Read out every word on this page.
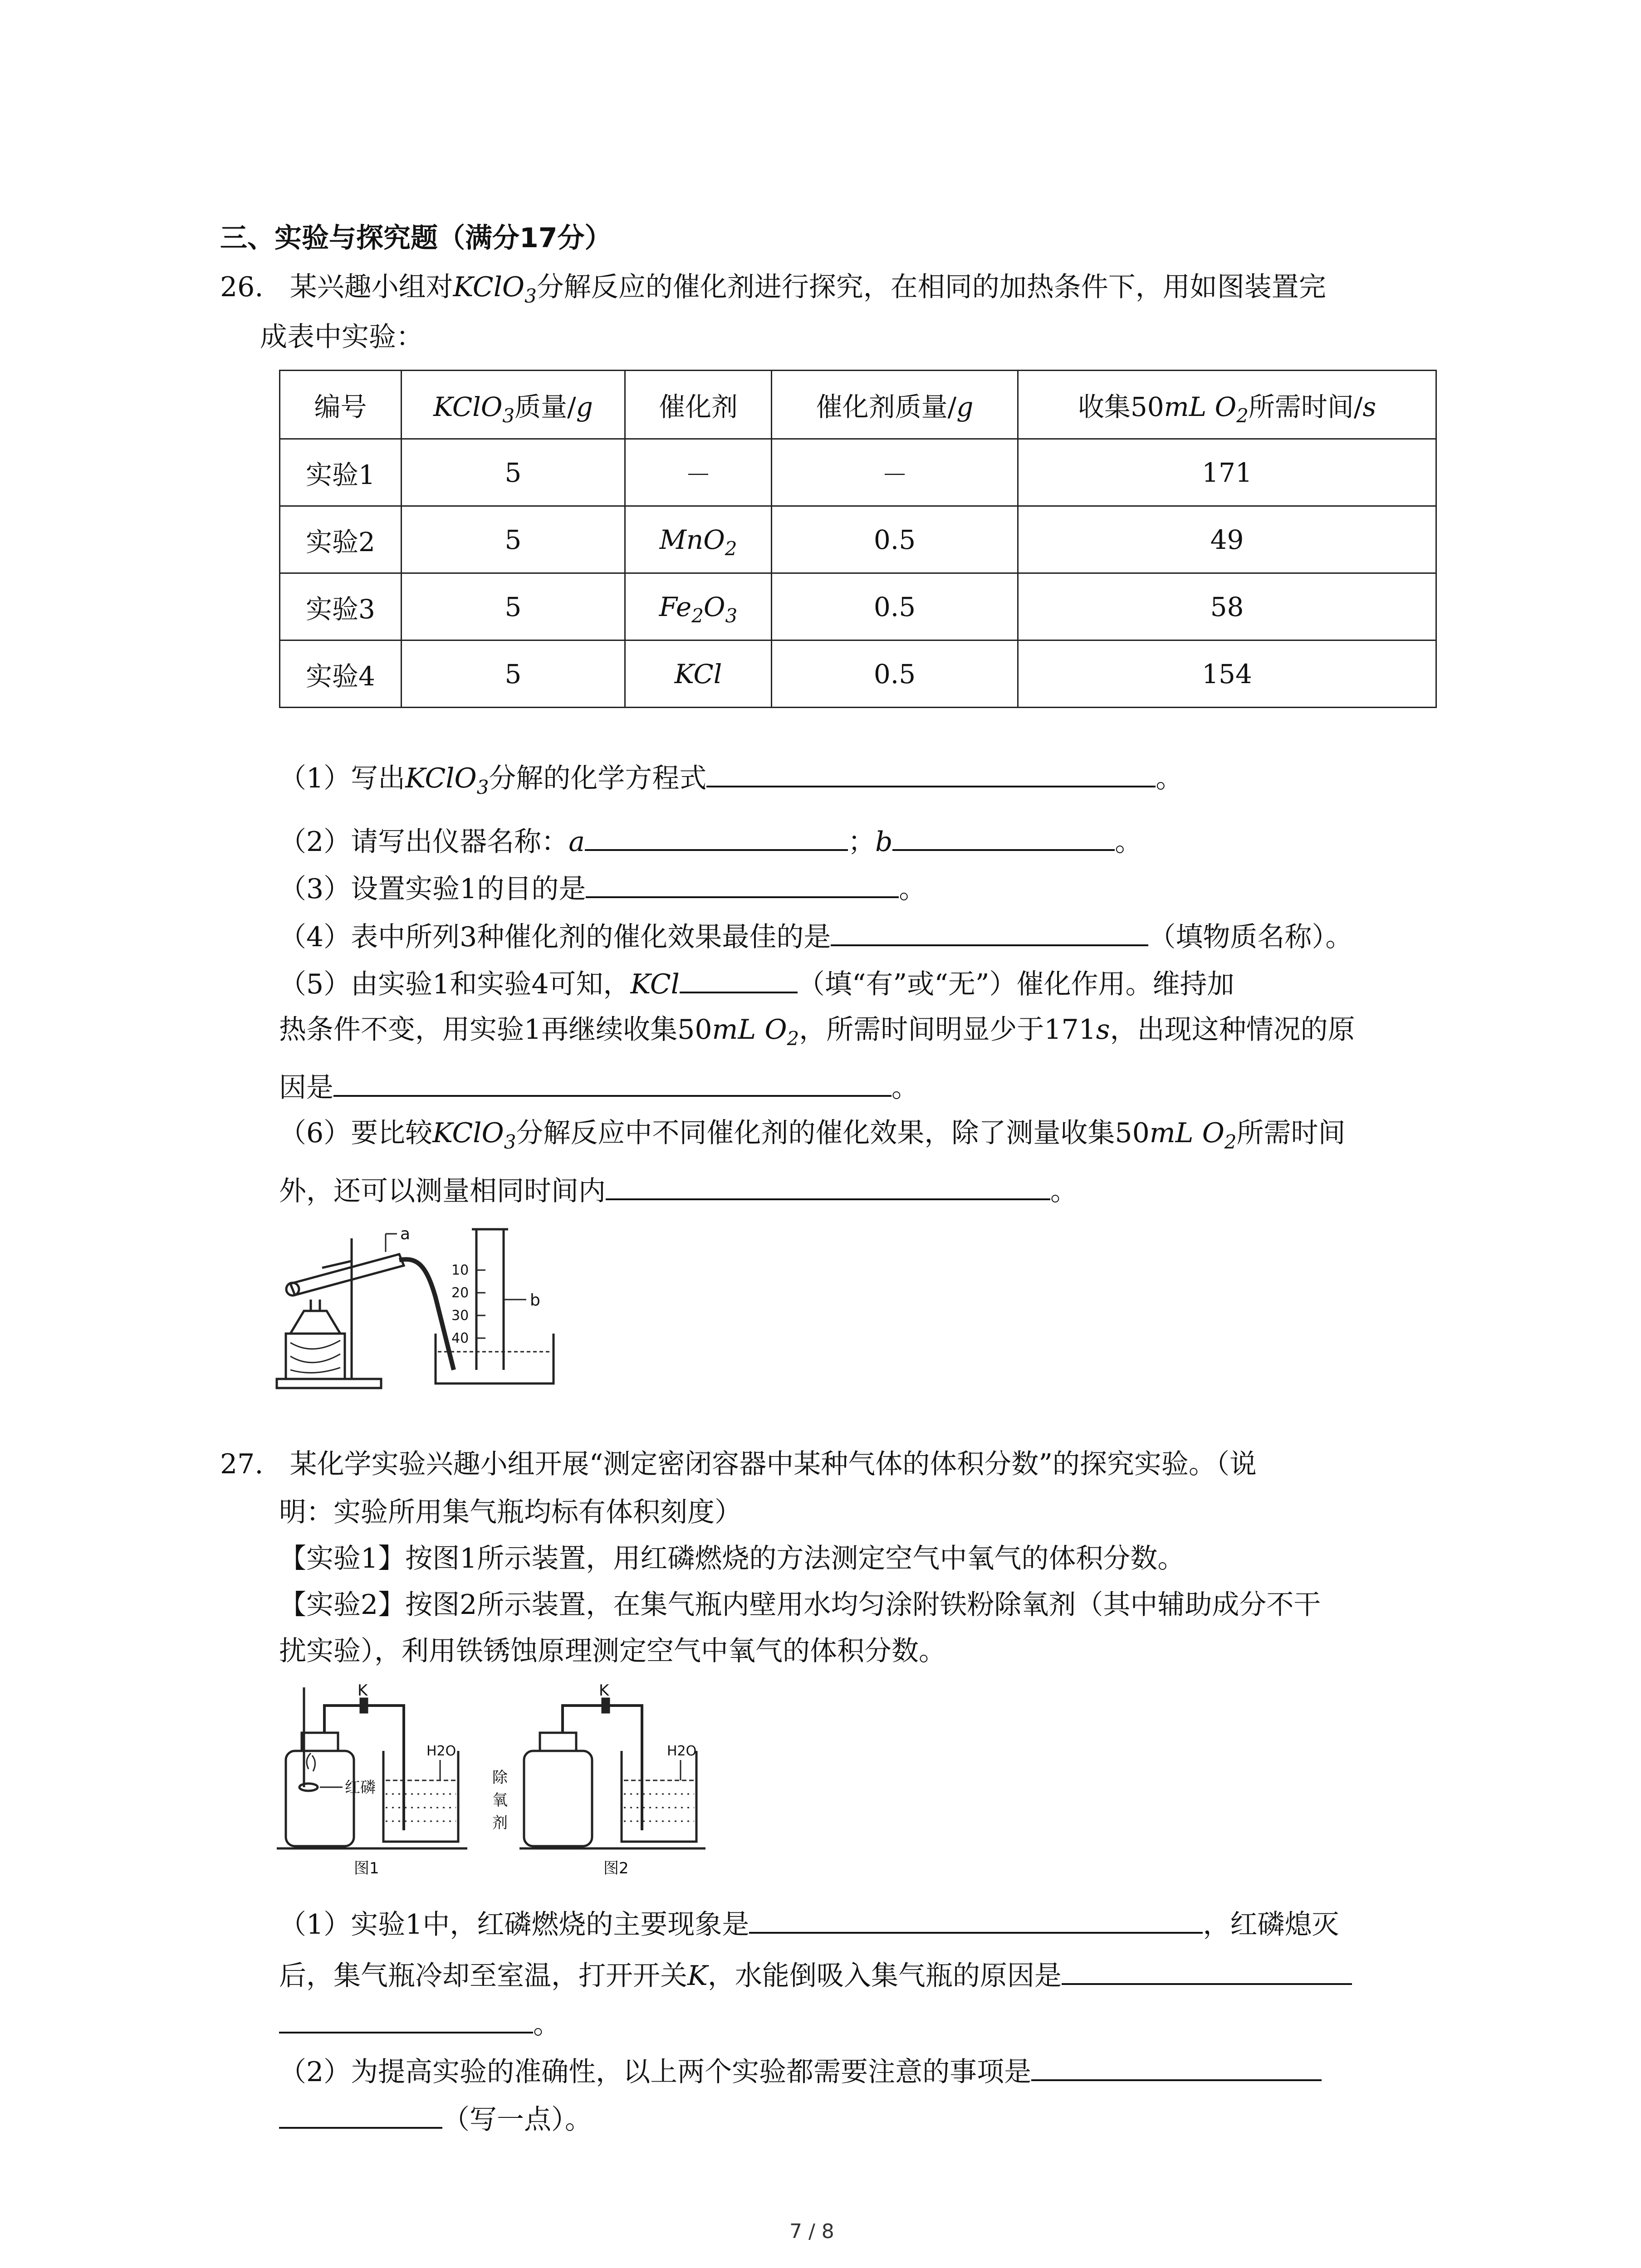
三、实验与探究题（满分17分）
26. 某兴趣小组对KClO$_3$分解反应的催化剂进行探究，在相同的加热条件下，用如图装置完
成表中实验：
编号	KClO$_3$质量/g	催化剂	催化剂质量/g	收集50mL $O_2$所需时间/s
实验1	5	－	－	171
实验2	5	MnO$_2$	0.5	49
实验3	5	$Fe_2O_3$	0.5	58
实验4	5	KCl	0.5	154
（1）写出KClO$_3$分解的化学方程式	。
（2）请写出仪器名称：a	；b	。
（3）设置实验1的目的是	。
（4）表中所列3种催化剂的催化效果最佳的是	（填物质名称）。
（5）由实验1和实验4可知，KCl	（填“有”或“无”）催化作用。维持加
热条件不变，用实验1再继续收集50mL $O_2$，所需时间明显少于171s，出现这种情况的原
因是	。
（6）要比较KClO$_3$分解反应中不同催化剂的催化效果，除了测量收集50mL $O_2$所需时间
外，还可以测量相同时间内	。
a
b
10
20
30
40
27. 某化学实验兴趣小组开展“测定密闭容器中某种气体的体积分数”的探究实验。（说
明：实验所用集气瓶均标有体积刻度）
【实验1】按图1所示装置，用红磷燃烧的方法测定空气中氧气的体积分数。
【实验2】按图2所示装置，在集气瓶内壁用水均匀涂附铁粉除氧剂（其中辅助成分不干
扰实验），利用铁锈蚀原理测定空气中氧气的体积分数。
K
H2O
红磷
图1
K
H2O
除
氧
剂
图2
（1）实验1中，红磷燃烧的主要现象是	，红磷熄灭
后，集气瓶冷却至室温，打开开关K，水能倒吸入集气瓶的原因是
。
（2）为提高实验的准确性，以上两个实验都需要注意的事项是
（写一点）。
7 / 8
